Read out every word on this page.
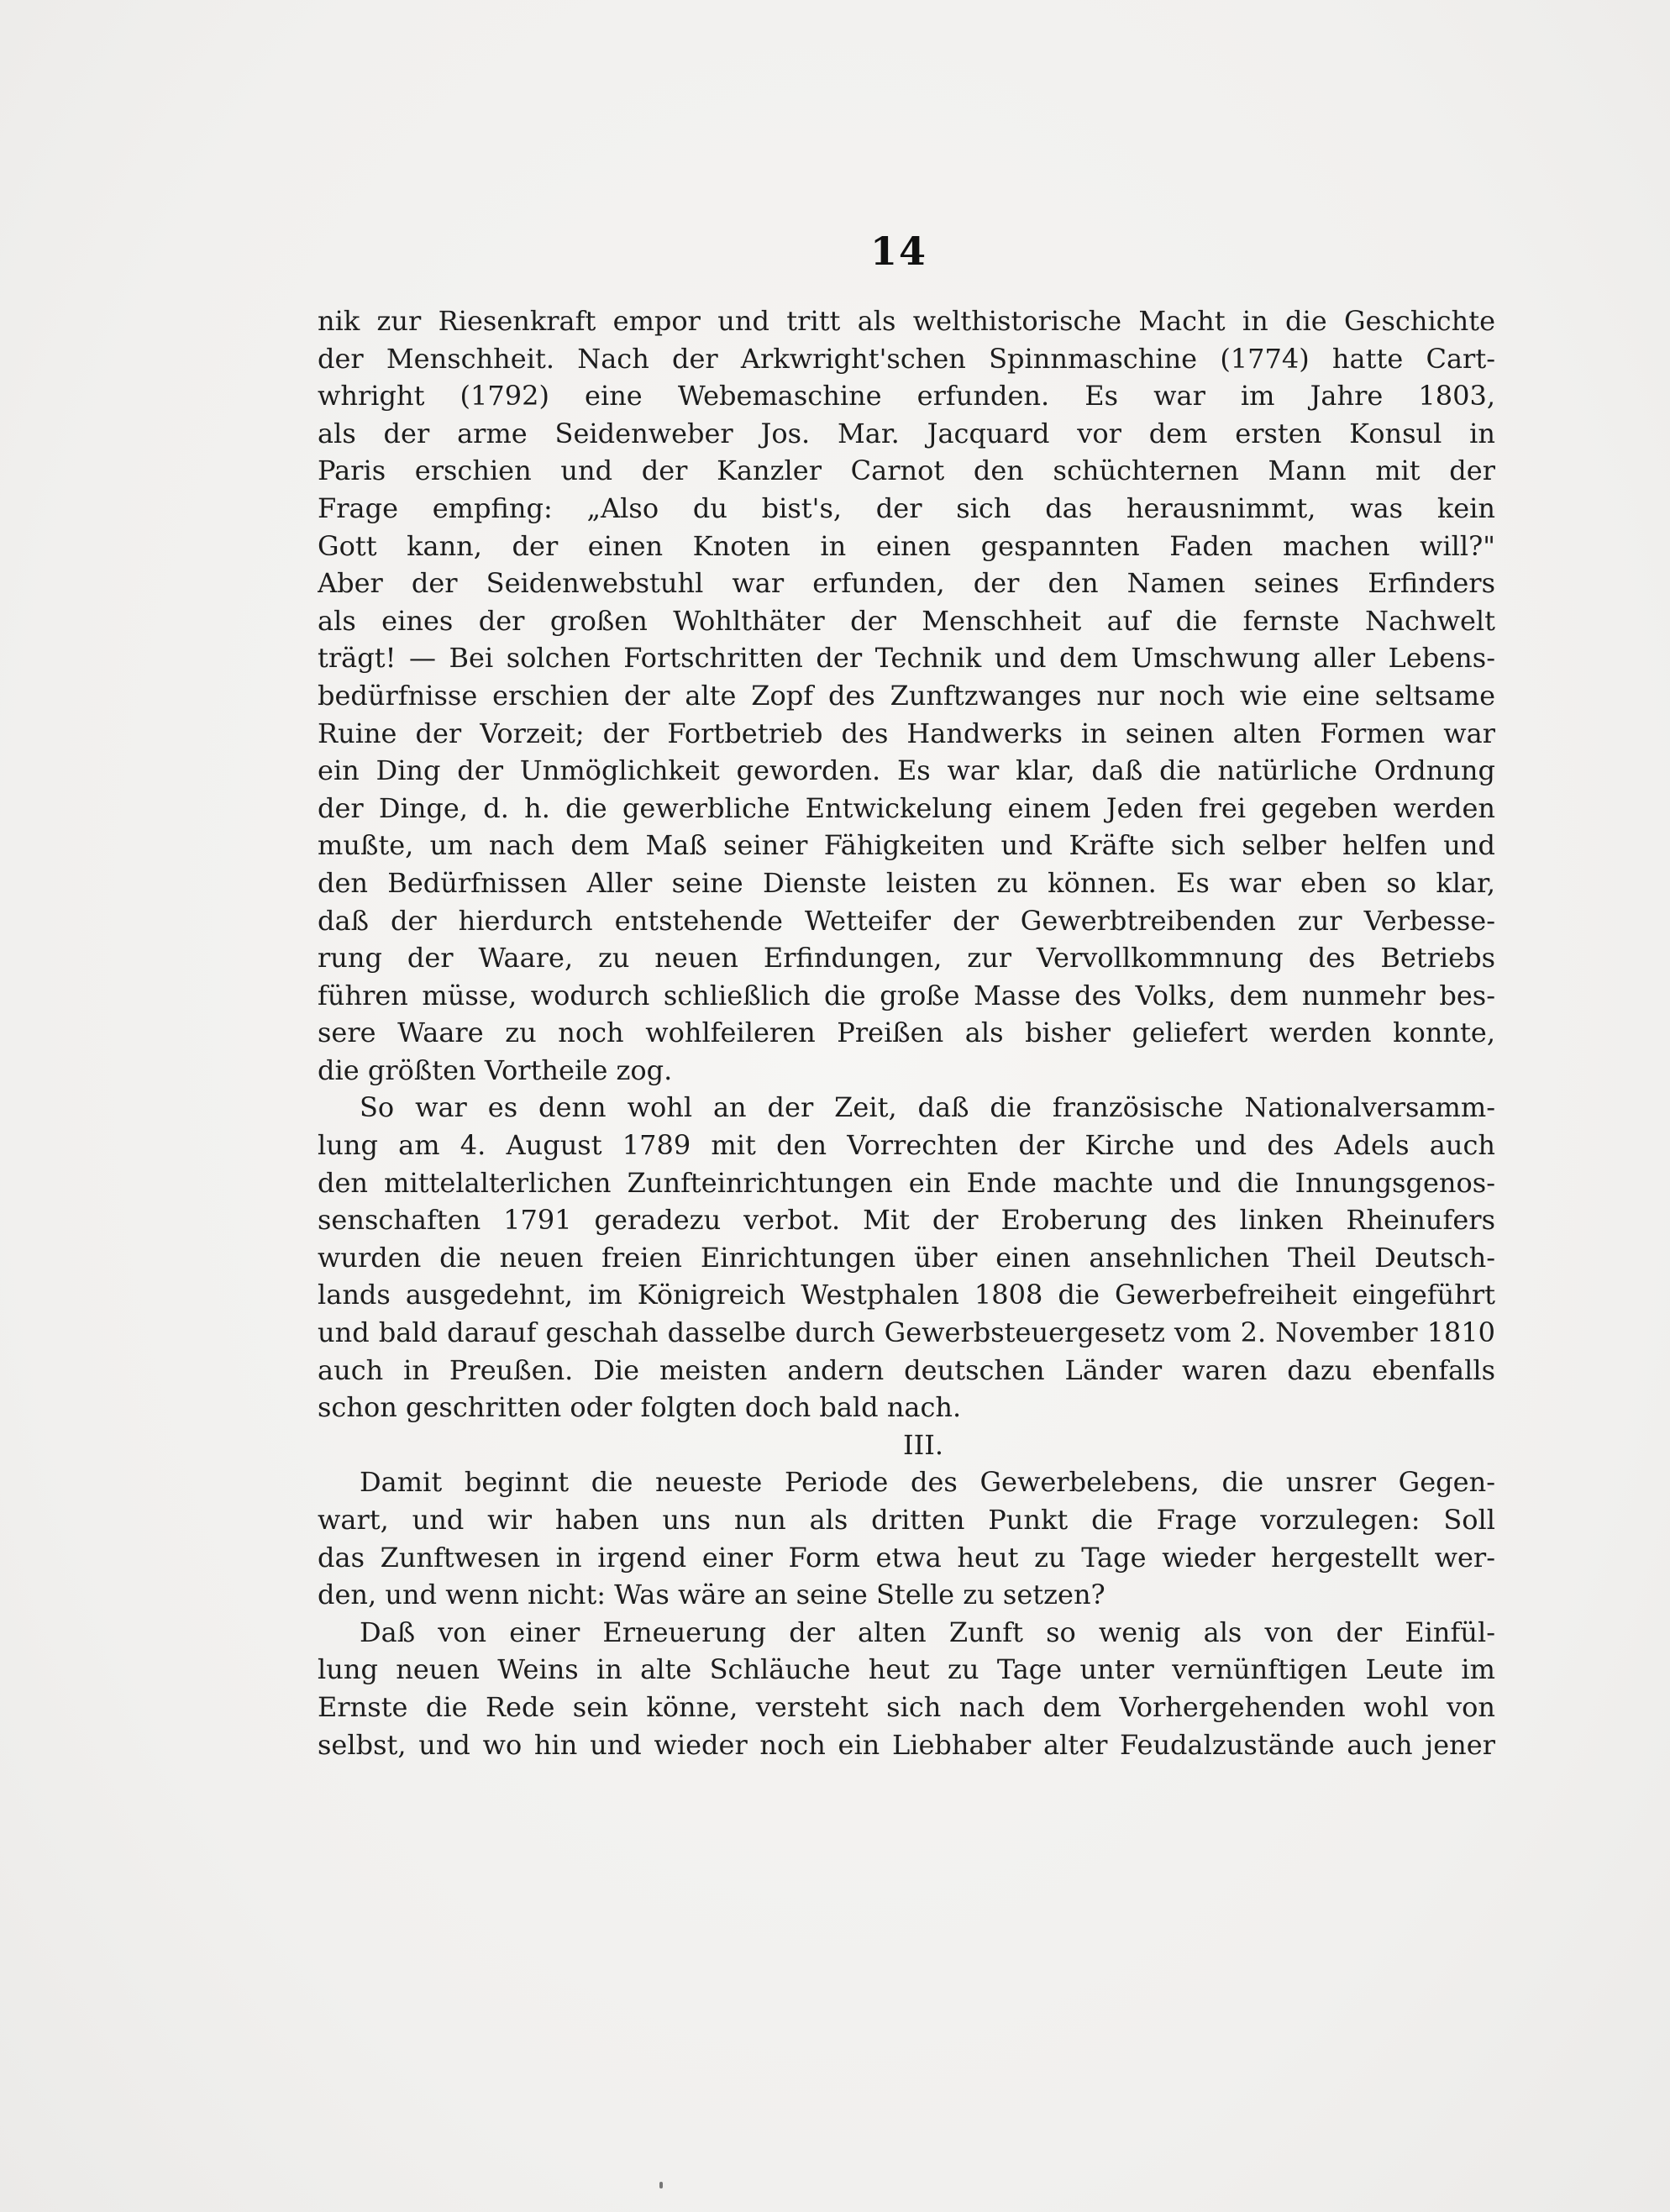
14
nik zur Riesenkraft empor und tritt als welthistorische Macht in die Geschichte
der Menschheit. Nach der Arkwright'schen Spinnmaschine (1774) hatte Cart-
whright (1792) eine Webemaschine erfunden. Es war im Jahre 1803,
als der arme Seidenweber Jos. Mar. Jacquard vor dem ersten Konsul in
Paris erschien und der Kanzler Carnot den schüchternen Mann mit der
Frage empfing: „Also du bist's, der sich das herausnimmt, was kein
Gott kann, der einen Knoten in einen gespannten Faden machen will?"
Aber der Seidenwebstuhl war erfunden, der den Namen seines Erfinders
als eines der großen Wohlthäter der Menschheit auf die fernste Nachwelt
trägt! — Bei solchen Fortschritten der Technik und dem Umschwung aller Lebens-
bedürfnisse erschien der alte Zopf des Zunftzwanges nur noch wie eine seltsame
Ruine der Vorzeit; der Fortbetrieb des Handwerks in seinen alten Formen war
ein Ding der Unmöglichkeit geworden. Es war klar, daß die natürliche Ordnung
der Dinge, d. h. die gewerbliche Entwickelung einem Jeden frei gegeben werden
mußte, um nach dem Maß seiner Fähigkeiten und Kräfte sich selber helfen und
den Bedürfnissen Aller seine Dienste leisten zu können. Es war eben so klar,
daß der hierdurch entstehende Wetteifer der Gewerbtreibenden zur Verbesse-
rung der Waare, zu neuen Erfindungen, zur Vervollkommnung des Betriebs
führen müsse, wodurch schließlich die große Masse des Volks, dem nunmehr bes-
sere Waare zu noch wohlfeileren Preißen als bisher geliefert werden konnte,
die größten Vortheile zog.
So war es denn wohl an der Zeit, daß die französische Nationalversamm-
lung am 4. August 1789 mit den Vorrechten der Kirche und des Adels auch
den mittelalterlichen Zunfteinrichtungen ein Ende machte und die Innungsgenos-
senschaften 1791 geradezu verbot. Mit der Eroberung des linken Rheinufers
wurden die neuen freien Einrichtungen über einen ansehnlichen Theil Deutsch-
lands ausgedehnt, im Königreich Westphalen 1808 die Gewerbefreiheit eingeführt
und bald darauf geschah dasselbe durch Gewerbsteuergesetz vom 2. November 1810
auch in Preußen. Die meisten andern deutschen Länder waren dazu ebenfalls
schon geschritten oder folgten doch bald nach.
III.
Damit beginnt die neueste Periode des Gewerbelebens, die unsrer Gegen-
wart, und wir haben uns nun als dritten Punkt die Frage vorzulegen: Soll
das Zunftwesen in irgend einer Form etwa heut zu Tage wieder hergestellt wer-
den, und wenn nicht: Was wäre an seine Stelle zu setzen?
Daß von einer Erneuerung der alten Zunft so wenig als von der Einfül-
lung neuen Weins in alte Schläuche heut zu Tage unter vernünftigen Leute im
Ernste die Rede sein könne, versteht sich nach dem Vorhergehenden wohl von
selbst, und wo hin und wieder noch ein Liebhaber alter Feudalzustände auch jener
